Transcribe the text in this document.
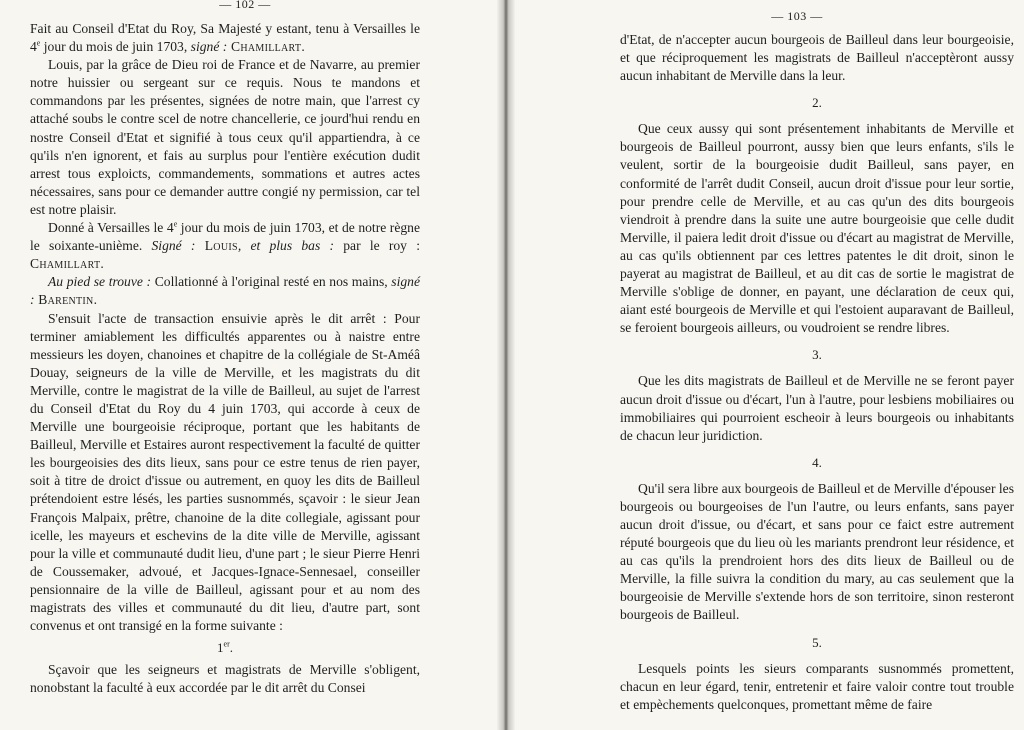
— 102 —

Fait au Conseil d'Etat du Roy, Sa Majesté y estant, tenu à Versailles le 4e jour du mois de juin 1703, signé : Chamillart.

Louis, par la grâce de Dieu roi de France et de Navarre, au premier notre huissier ou sergeant sur ce requis. Nous te mandons et commandons par les présentes, signées de notre main, que l'arrest cy attaché soubs le contre scel de notre chancellerie, ce jourd'hui rendu en nostre Conseil d'Etat et signifié à tous ceux qu'il appartiendra, à ce qu'ils n'en ignorent, et fais au surplus pour l'entière exécution dudit arrest tous exploicts, commandements, sommations et autres actes nécessaires, sans pour ce demander auttre congié ny permission, car tel est notre plaisir.

Donné à Versailles le 4e jour du mois de juin 1703, et de notre règne le soixante-unième. Signé : Louis, et plus bas : par le roy : Chamillart.

Au pied se trouve : Collationné à l'original resté en nos mains, signé : Barentin.

S'ensuit l'acte de transaction ensuivie après le dit arrêt : Pour terminer amiablement les difficultés apparentes ou à naistre entre messieurs les doyen, chanoines et chapitre de la collégiale de St-Améâ Douay, seigneurs de la ville de Merville, et les magistrats du dit Merville, contre le magistrat de la ville de Bailleul, au sujet de l'arrest du Conseil d'Etat du Roy du 4 juin 1703, qui accorde à ceux de Merville une bourgeoisie réciproque, portant que les habitants de Bailleul, Merville et Estaires auront respectivement la faculté de quitter les bourgeoisies des dits lieux, sans pour ce estre tenus de rien payer, soit à titre de droict d'issue ou autrement, en quoy les dits de Bailleul prétendoient estre lésés, les parties susnommés, sçavoir : le sieur Jean François Malpaix, prêtre, chanoine de la dite collegiale, agissant pour icelle, les mayeurs et eschevins de la dite ville de Merville, agissant pour la ville et communauté dudit lieu, d'une part ; le sieur Pierre Henri de Coussemaker, advoué, et Jacques-Ignace-Sennesael, conseiller pensionnaire de la ville de Bailleul, agissant pour et au nom des magistrats des villes et communauté du dit lieu, d'autre part, sont convenus et ont transigé en la forme suivante :

1er.

Sçavoir que les seigneurs et magistrats de Merville s'obligent, nonobstant la faculté à eux accordée par le dit arrêt du Consei

— 103 —

d'Etat, de n'accepter aucun bourgeois de Bailleul dans leur bourgeoisie, et que réciproquement les magistrats de Bailleul n'acceptèront aussy aucun inhabitant de Merville dans la leur.

2.

Que ceux aussy qui sont présentement inhabitants de Merville et bourgeois de Bailleul pourront, aussy bien que leurs enfants, s'ils le veulent, sortir de la bourgeoisie dudit Bailleul, sans payer, en conformité de l'arrêt dudit Conseil, aucun droit d'issue pour leur sortie, pour prendre celle de Merville, et au cas qu'un des dits bourgeois viendroit à prendre dans la suite une autre bourgeoisie que celle dudit Merville, il paiera ledit droit d'issue ou d'écart au magistrat de Merville, au cas qu'ils obtiennent par ces lettres patentes le dit droit, sinon le payerat au magistrat de Bailleul, et au dit cas de sortie le magistrat de Merville s'oblige de donner, en payant, une déclaration de ceux qui, aiant esté bourgeois de Merville et qui l'estoient auparavant de Bailleul, se feroient bourgeois ailleurs, ou voudroient se rendre libres.

3.

Que les dits magistrats de Bailleul et de Merville ne se feront payer aucun droit d'issue ou d'écart, l'un à l'autre, pour lesbiens mobiliaires ou immobiliaires qui pourroient escheoir à leurs bourgeois ou inhabitants de chacun leur juridiction.

4.

Qu'il sera libre aux bourgeois de Bailleul et de Merville d'épouser les bourgeois ou bourgeoises de l'un l'autre, ou leurs enfants, sans payer aucun droit d'issue, ou d'écart, et sans pour ce faict estre autrement réputé bourgeois que du lieu où les mariants prendront leur résidence, et au cas qu'ils la prendroient hors des dits lieux de Bailleul ou de Merville, la fille suivra la condition du mary, au cas seulement que la bourgeoisie de Merville s'extende hors de son territoire, sinon resteront bourgeois de Bailleul.

5.

Lesquels points les sieurs comparants susnommés promettent, chacun en leur égard, tenir, entretenir et faire valoir contre tout trouble et empèchements quelconques, promettant même de faire
